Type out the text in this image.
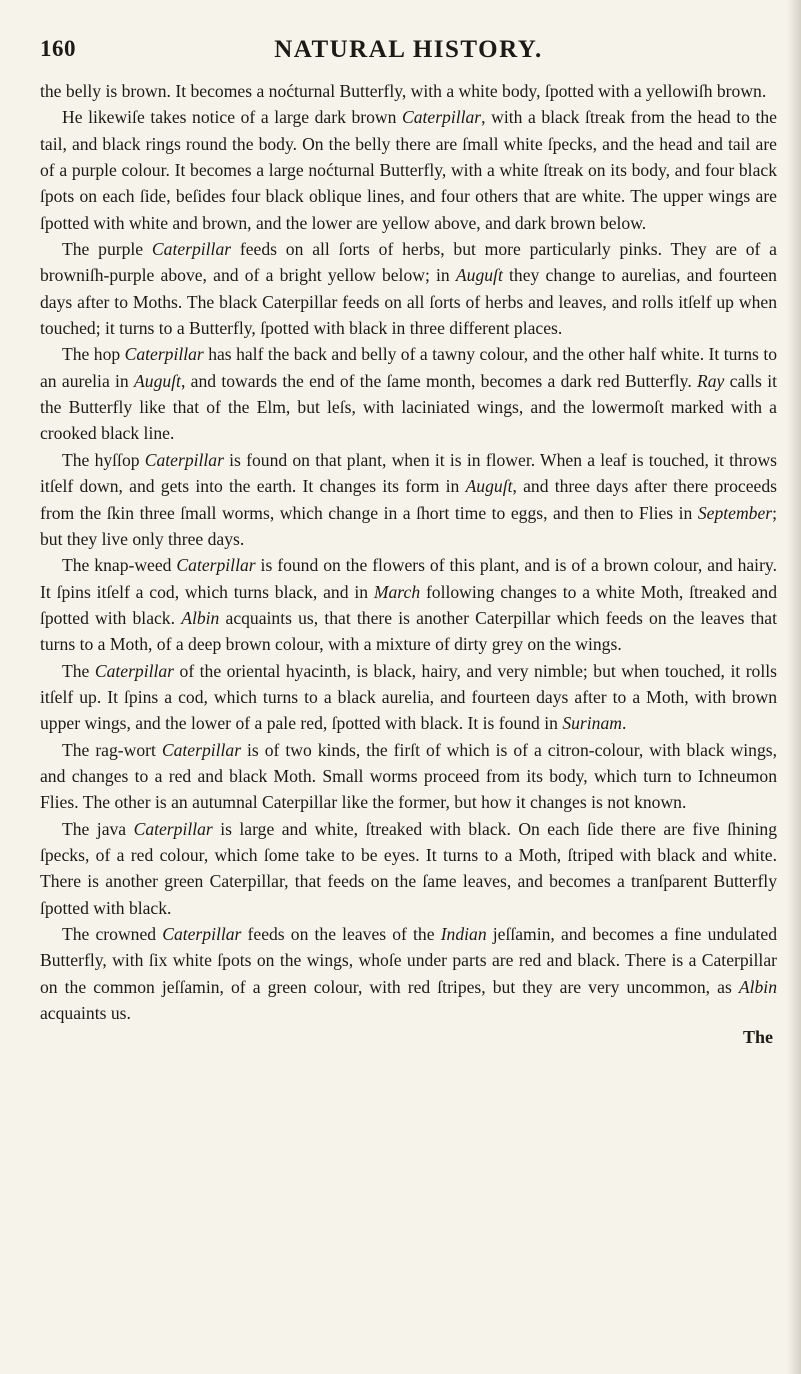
160	NATURAL HISTORY.

the belly is brown. It becomes a noćturnal Butterfly, with a white body, ſpotted with a yellowiſh brown.

He likewiſe takes notice of a large dark brown Caterpillar, with a black ſtreak from the head to the tail, and black rings round the body. On the belly there are ſmall white ſpecks, and the head and tail are of a purple colour. It becomes a large noćturnal Butterfly, with a white ſtreak on its body, and four black ſpots on each ſide, beſides four black oblique lines, and four others that are white. The upper wings are ſpotted with white and brown, and the lower are yellow above, and dark brown below.

The purple Caterpillar feeds on all ſorts of herbs, but more particularly pinks. They are of a browniſh-purple above, and of a bright yellow below; in Auguſt they change to aurelias, and fourteen days after to Moths. The black Caterpillar feeds on all ſorts of herbs and leaves, and rolls itſelf up when touched; it turns to a Butterfly, ſpotted with black in three different places.

The hop Caterpillar has half the back and belly of a tawny colour, and the other half white. It turns to an aurelia in Auguſt, and towards the end of the ſame month, becomes a dark red Butterfly. Ray calls it the Butterfly like that of the Elm, but leſs, with laciniated wings, and the lowermoſt marked with a crooked black line.

The hyſſop Caterpillar is found on that plant, when it is in flower. When a leaf is touched, it throws itſelf down, and gets into the earth. It changes its form in Auguſt, and three days after there proceeds from the ſkin three ſmall worms, which change in a ſhort time to eggs, and then to Flies in September; but they live only three days.

The knap-weed Caterpillar is found on the flowers of this plant, and is of a brown colour, and hairy. It ſpins itſelf a cod, which turns black, and in March following changes to a white Moth, ſtreaked and ſpotted with black. Albin acquaints us, that there is another Caterpillar which feeds on the leaves that turns to a Moth, of a deep brown colour, with a mixture of dirty grey on the wings.

The Caterpillar of the oriental hyacinth, is black, hairy, and very nimble; but when touched, it rolls itſelf up. It ſpins a cod, which turns to a black aurelia, and fourteen days after to a Moth, with brown upper wings, and the lower of a pale red, ſpotted with black. It is found in Surinam.

The rag-wort Caterpillar is of two kinds, the firſt of which is of a citron-colour, with black wings, and changes to a red and black Moth. Small worms proceed from its body, which turn to Ichneumon Flies. The other is an autumnal Caterpillar like the former, but how it changes is not known.

The java Caterpillar is large and white, ſtreaked with black. On each ſide there are five ſhining ſpecks, of a red colour, which ſome take to be eyes. It turns to a Moth, ſtriped with black and white. There is another green Caterpillar, that feeds on the ſame leaves, and becomes a tranſparent Butterfly ſpotted with black.

The crowned Caterpillar feeds on the leaves of the Indian jeſſamin, and becomes a fine undulated Butterfly, with ſix white ſpots on the wings, whoſe under parts are red and black. There is a Caterpillar on the common jeſſamin, of a green colour, with red ſtripes, but they are very uncommon, as Albin acquaints us.

The
